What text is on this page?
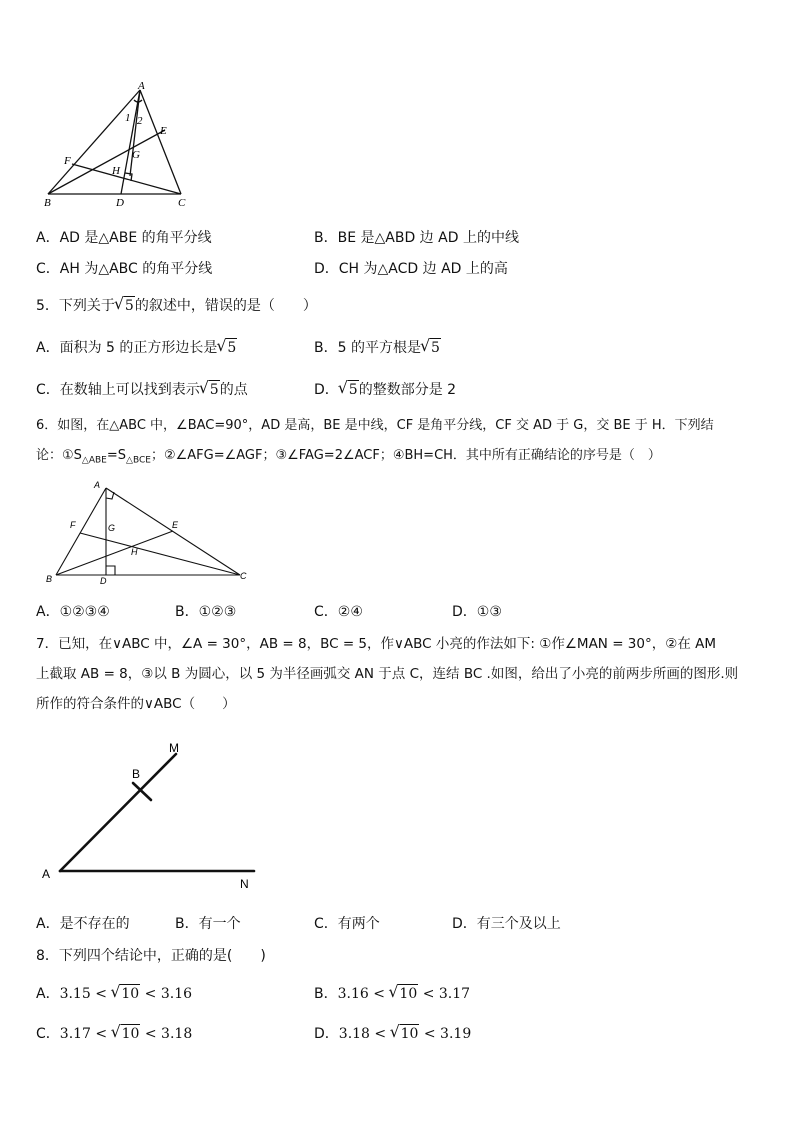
A
B	C
D
E
F	G
H
1 2
A．AD 是△ABE 的角平分线	B．BE 是△ABD 边 AD 上的中线
C．AH 为△ABC 的角平分线	D．CH 为△ACD 边 AD 上的高
5．下列关于 √ 5的叙述中，错误的是（　　）
A．面积为 5 的正方形边长是 √ 5	B．5 的平方根是 √ 5
C．在数轴上可以找到表示 √ 5的点	D． √ 5的整数部分是 2
6．如图，在△ABC 中，∠BAC=90°，AD 是高，BE 是中线，CF 是角平分线，CF 交 AD 于 G，交 BE 于 H．下列结
论：$①S_{\triangle ABE}=S_{\triangle BCE}$；②∠AFG=∠AGF；③∠FAG=2∠ACF；④BH=CH．其中所有正确结论的序号是（　）
A
B	C
D
E
F	G
H
A．①②③④	B．①②③	C．②④	D．①③
7．已知，在∨ABC 中，∠A = 30°，AB = 8，BC = 5，作∨ABC 小亮的作法如下: ①作∠MAN = 30°，②在 AM
上截取 AB = 8，③以 B 为圆心，以 5 为半径画弧交 AN 于点 C，连结 BC .如图，给出了小亮的前两步所画的图形.则
所作的符合条件的∨ABC（　　）
A
B
M
N
A．是不存在的	B．有一个	C．有两个	D．有三个及以上
8．下列四个结论中，正确的是(　　)
A．3.15 < √ 10 < 3.16	B．3.16 < √ 10 < 3.17
C．3.17 < √ 10 < 3.18	D．3.18 < √ 10 < 3.19
